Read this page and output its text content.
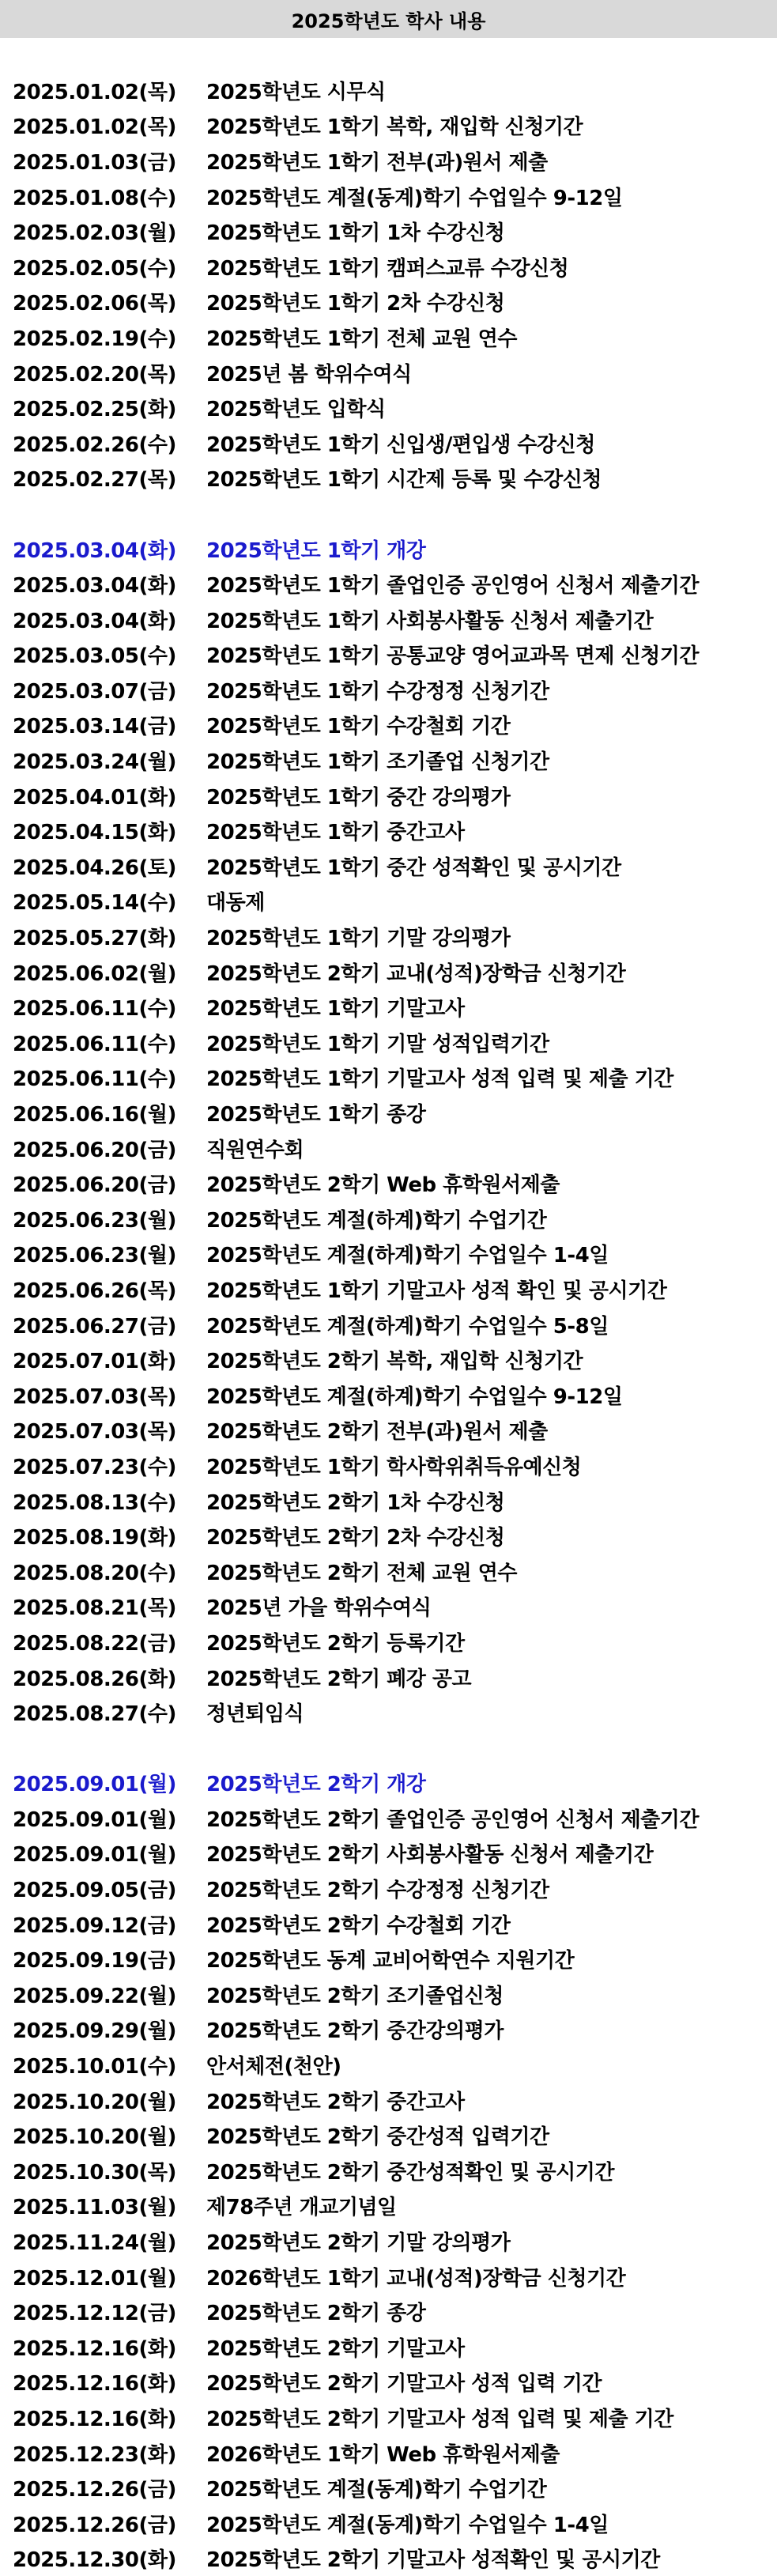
2025학년도 학사 내용
2025.01.02(목)	2025학년도 시무식
2025.01.02(목)	2025학년도 1학기 복학, 재입학 신청기간
2025.01.03(금)	2025학년도 1학기 전부(과)원서 제출
2025.01.08(수)	2025학년도 계절(동계)학기 수업일수 9-12일
2025.02.03(월)	2025학년도 1학기 1차 수강신청
2025.02.05(수)	2025학년도 1학기 캠퍼스교류 수강신청
2025.02.06(목)	2025학년도 1학기 2차 수강신청
2025.02.19(수)	2025학년도 1학기 전체 교원 연수
2025.02.20(목)	2025년 봄 학위수여식
2025.02.25(화)	2025학년도 입학식
2025.02.26(수)	2025학년도 1학기 신입생/편입생 수강신청
2025.02.27(목)	2025학년도 1학기 시간제 등록 및 수강신청
2025.03.04(화)	2025학년도 1학기 개강
2025.03.04(화)	2025학년도 1학기 졸업인증 공인영어 신청서 제출기간
2025.03.04(화)	2025학년도 1학기 사회봉사활동 신청서 제출기간
2025.03.05(수)	2025학년도 1학기 공통교양 영어교과목 면제 신청기간
2025.03.07(금)	2025학년도 1학기 수강정정 신청기간
2025.03.14(금)	2025학년도 1학기 수강철회 기간
2025.03.24(월)	2025학년도 1학기 조기졸업 신청기간
2025.04.01(화)	2025학년도 1학기 중간 강의평가
2025.04.15(화)	2025학년도 1학기 중간고사
2025.04.26(토)	2025학년도 1학기 중간 성적확인 및 공시기간
2025.05.14(수)	대동제
2025.05.27(화)	2025학년도 1학기 기말 강의평가
2025.06.02(월)	2025학년도 2학기 교내(성적)장학금 신청기간
2025.06.11(수)	2025학년도 1학기 기말고사
2025.06.11(수)	2025학년도 1학기 기말 성적입력기간
2025.06.11(수)	2025학년도 1학기 기말고사 성적 입력 및 제출 기간
2025.06.16(월)	2025학년도 1학기 종강
2025.06.20(금)	직원연수회
2025.06.20(금)	2025학년도 2학기 Web 휴학원서제출
2025.06.23(월)	2025학년도 계절(하계)학기 수업기간
2025.06.23(월)	2025학년도 계절(하계)학기 수업일수 1-4일
2025.06.26(목)	2025학년도 1학기 기말고사 성적 확인 및 공시기간
2025.06.27(금)	2025학년도 계절(하계)학기 수업일수 5-8일
2025.07.01(화)	2025학년도 2학기 복학, 재입학 신청기간
2025.07.03(목)	2025학년도 계절(하계)학기 수업일수 9-12일
2025.07.03(목)	2025학년도 2학기 전부(과)원서 제출
2025.07.23(수)	2025학년도 1학기 학사학위취득유예신청
2025.08.13(수)	2025학년도 2학기 1차 수강신청
2025.08.19(화)	2025학년도 2학기 2차 수강신청
2025.08.20(수)	2025학년도 2학기 전체 교원 연수
2025.08.21(목)	2025년 가을 학위수여식
2025.08.22(금)	2025학년도 2학기 등록기간
2025.08.26(화)	2025학년도 2학기 폐강 공고
2025.08.27(수)	정년퇴임식
2025.09.01(월)	2025학년도 2학기 개강
2025.09.01(월)	2025학년도 2학기 졸업인증 공인영어 신청서 제출기간
2025.09.01(월)	2025학년도 2학기 사회봉사활동 신청서 제출기간
2025.09.05(금)	2025학년도 2학기 수강정정 신청기간
2025.09.12(금)	2025학년도 2학기 수강철회 기간
2025.09.19(금)	2025학년도 동계 교비어학연수 지원기간
2025.09.22(월)	2025학년도 2학기 조기졸업신청
2025.09.29(월)	2025학년도 2학기 중간강의평가
2025.10.01(수)	안서체전(천안)
2025.10.20(월)	2025학년도 2학기 중간고사
2025.10.20(월)	2025학년도 2학기 중간성적 입력기간
2025.10.30(목)	2025학년도 2학기 중간성적확인 및 공시기간
2025.11.03(월)	제78주년 개교기념일
2025.11.24(월)	2025학년도 2학기 기말 강의평가
2025.12.01(월)	2026학년도 1학기 교내(성적)장학금 신청기간
2025.12.12(금)	2025학년도 2학기 종강
2025.12.16(화)	2025학년도 2학기 기말고사
2025.12.16(화)	2025학년도 2학기 기말고사 성적 입력 기간
2025.12.16(화)	2025학년도 2학기 기말고사 성적 입력 및 제출 기간
2025.12.23(화)	2026학년도 1학기 Web 휴학원서제출
2025.12.26(금)	2025학년도 계절(동계)학기 수업기간
2025.12.26(금)	2025학년도 계절(동계)학기 수업일수 1-4일
2025.12.30(화)	2025학년도 2학기 기말고사 성적확인 및 공시기간
